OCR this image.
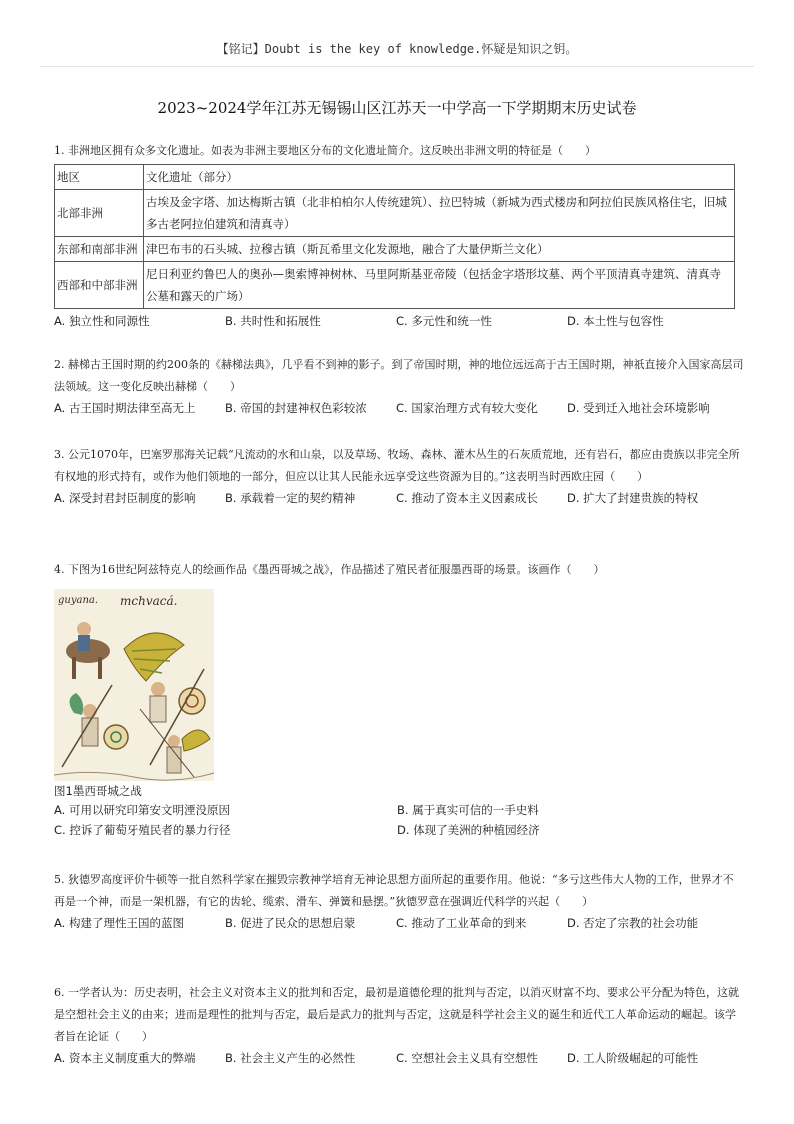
【铭记】Doubt is the key of knowledge.怀疑是知识之钥。
2023~2024学年江苏无锡锡山区江苏天一中学高一下学期期末历史试卷

1. 非洲地区拥有众多文化遗址。如表为非洲主要地区分布的文化遗址简介。这反映出非洲文明的特征是（　　）

地区	文化遗址（部分）
北部非洲	古埃及金字塔、加达梅斯古镇（北非柏柏尔人传统建筑）、拉巴特城（新城为西式楼房和阿拉伯民族风格住宅，旧城多古老阿拉伯建筑和清真寺）
东部和南部非洲	津巴布韦的石头城、拉穆古镇（斯瓦希里文化发源地，融合了大量伊斯兰文化）
西部和中部非洲	尼日利亚约鲁巴人的奥孙—奥索博神树林、马里阿斯基亚帝陵（包括金字塔形坟墓、两个平顶清真寺建筑、清真寺公墓和露天的广场）
A. 独立性和同源性	B. 共时性和拓展性	C. 多元性和统一性	D. 本土性与包容性

2. 赫梯古王国时期的约200条的《赫梯法典》，几乎看不到神的影子。到了帝国时期，神的地位远远高于古王国时期，神祇直接介入国家高层司法领域。这一变化反映出赫梯（　　）

A. 古王国时期法律至高无上	B. 帝国的封建神权色彩较浓	C. 国家治理方式有较大变化	D. 受到迁入地社会环境影响

3. 公元1070年，巴塞罗那海关记载“凡流动的水和山泉，以及草场、牧场、森林、灌木丛生的石灰质荒地，还有岩石，都应由贵族以非完全所有权地的形式持有，或作为他们领地的一部分，但应以让其人民能永远享受这些资源为目的。”这表明当时西欧庄园（　　）

A. 深受封君封臣制度的影响	B. 承载着一定的契约精神	C. 推动了资本主义因素成长	D. 扩大了封建贵族的特权

4. 下图为16世纪阿兹特克人的绘画作品《墨西哥城之战》，作品描述了殖民者征服墨西哥的场景。该画作（　　）

guyana. mchvacá.
图1墨西哥城之战
A. 可用以研究印第安文明湮没原因	B. 属于真实可信的一手史料
C. 控诉了葡萄牙殖民者的暴力行径	D. 体现了美洲的种植园经济

5. 狄德罗高度评价牛顿等一批自然科学家在摧毁宗教神学培育无神论思想方面所起的重要作用。他说：“多亏这些伟大人物的工作，世界才不再是一个神，而是一架机器，有它的齿轮、缆索、滑车、弹簧和悬摆。”狄德罗意在强调近代科学的兴起（　　）

A. 构建了理性王国的蓝图	B. 促进了民众的思想启蒙	C. 推动了工业革命的到来	D. 否定了宗教的社会功能

6. 一学者认为：历史表明，社会主义对资本主义的批判和否定，最初是道德伦理的批判与否定，以消灭财富不均、要求公平分配为特色，这就是空想社会主义的由来；进而是理性的批判与否定，最后是武力的批判与否定，这就是科学社会主义的诞生和近代工人革命运动的崛起。该学者旨在论证（　　）

A. 资本主义制度重大的弊端	B. 社会主义产生的必然性	C. 空想社会主义具有空想性	D. 工人阶级崛起的可能性
